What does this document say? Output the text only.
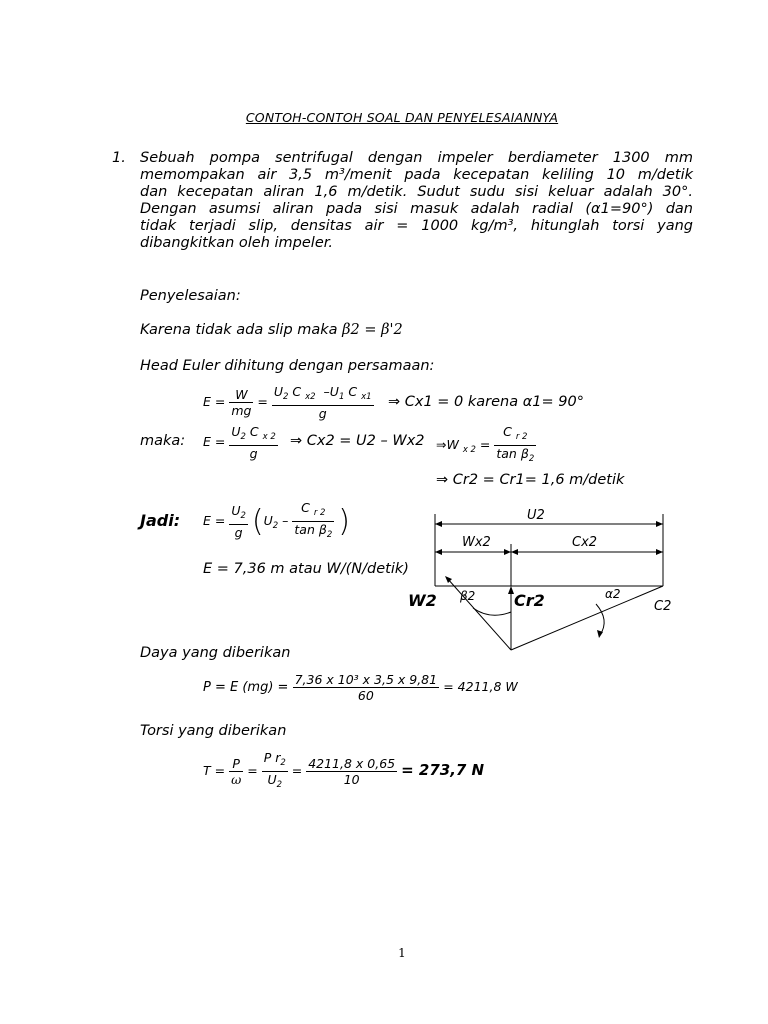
CONTOH-CONTOH SOAL DAN PENYELESAIANNYA
1. Sebuah pompa sentrifugal dengan impeler berdiameter 1300 mm
memompakan air 3,5 m³/menit pada kecepatan keliling 10 m/detik
dan kecepatan aliran 1,6 m/detik. Sudut sudu sisi keluar adalah 30°.
Dengan asumsi aliran pada sisi masuk adalah radial (α1=90°) dan
tidak terjadi slip, densitas air = 1000 kg/m³, hitunglah torsi yang
dibangkitkan oleh impeler.
Penyelesaian:
Karena tidak ada slip maka β2 = β'2
Head Euler dihitung dengan persamaan:
$E = \frac{W}{mg} = \frac{U_2 C _{x2} -U_1 C _{x1}}{g}$ ⇒ Cx1 = 0 karena α1= 90°
maka: $E = \frac{U_2 C _{x 2}}{g}$ ⇒ Cx2 = U2 – Wx2 ⇒W $_{x 2} = \frac{C _{r 2}}{\tan \beta_2}$
⇒ Cr2 = Cr1= 1,6 m/detik
Jadi: $E = \frac{U_2}{g} (U_2 - \frac{C _{r 2}}{\tan \beta_2}$ )
E = 7,36 m atau W/(N/detik)
U2
Wx2	Cx2
W2 β2 Cr2	α2
C2
Daya yang diberikan
P = E $(mg) = \frac{\text{7,36 x 10³ x 3,5 x 9,81}}{60} = 4211,8$ W
Torsi yang diberikan
$T = \frac{P}{\omega} = \frac{P r_2}{U_2} = \frac{4211,8 x 0,65}{10} = 273,7$ N
1
